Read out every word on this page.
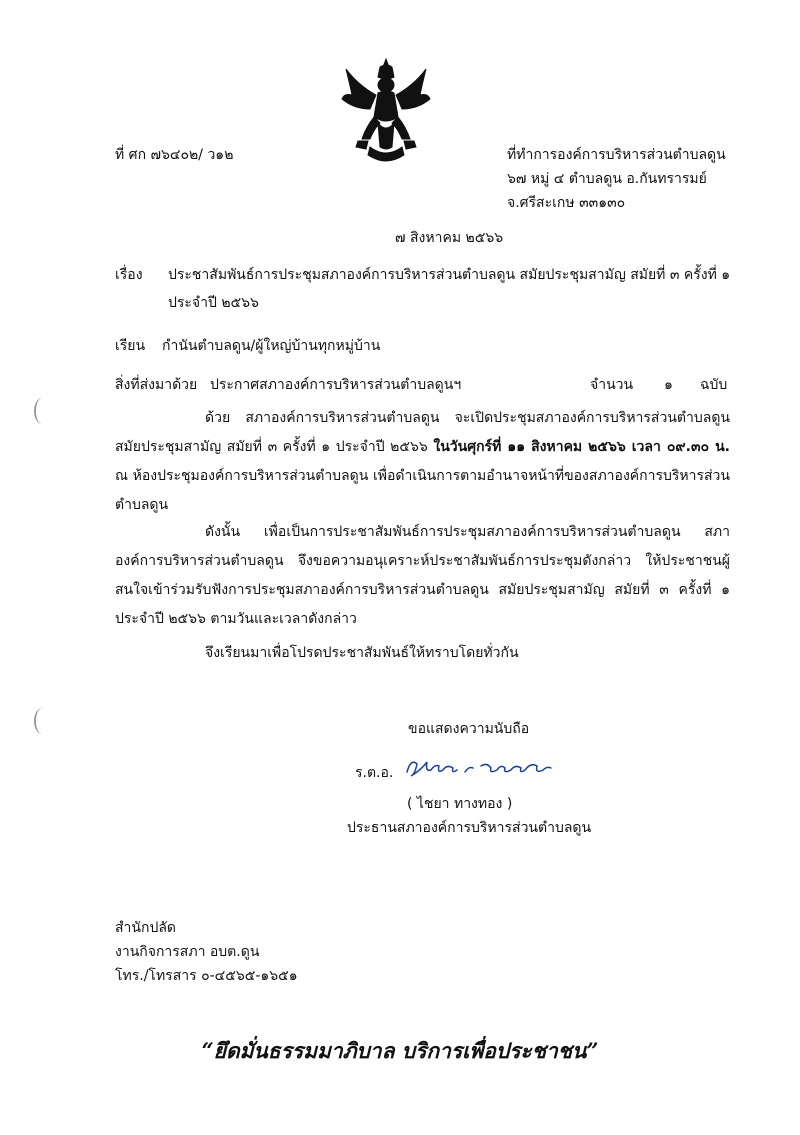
ที่ ศก ๗๖๔๐๒/ ว๑๒	ที่ทำการองค์การบริหารส่วนตำบลดูน
๖๗ หมู่ ๔ ตำบลดูน อ.กันทรารมย์
จ.ศรีสะเกษ ๓๓๑๓๐
๗ สิงหาคม ๒๕๖๖
เรื่อง ประชาสัมพันธ์การประชุมสภาองค์การบริหารส่วนตำบลดูน สมัยประชุมสามัญ สมัยที่ ๓ ครั้งที่ ๑
ประจำปี ๒๕๖๖
เรียน กำนันตำบลดูน/ผู้ใหญ่บ้านทุกหมู่บ้าน
สิ่งที่ส่งมาด้วย ประกาศสภาองค์การบริหารส่วนตำบลดูนฯ	จำนวน ๑ ฉบับ
ด้วย สภาองค์การบริหารส่วนตำบลดูน จะเปิดประชุมสภาองค์การบริหารส่วนตำบลดูนสมัยประชุมสามัญ สมัยที่ ๓ ครั้งที่ ๑ ประจำปี ๒๕๖๖ ในวันศุกร์ที่ ๑๑ สิงหาคม ๒๕๖๖ เวลา ๐๙.๓๐ น. ณ ห้องประชุมองค์การบริหารส่วนตำบลดูน เพื่อดำเนินการตามอำนาจหน้าที่ของสภาองค์การบริหารส่วนตำบลดูน
ดังนั้น เพื่อเป็นการประชาสัมพันธ์การประชุมสภาองค์การบริหารส่วนตำบลดูน สภาองค์การบริหารส่วนตำบลดูน จึงขอความอนุเคราะห์ประชาสัมพันธ์การประชุมดังกล่าว ให้ประชาชนผู้สนใจเข้าร่วมรับฟังการประชุมสภาองค์การบริหารส่วนตำบลดูน สมัยประชุมสามัญ สมัยที่ ๓ ครั้งที่ ๑ ประจำปี ๒๕๖๖ ตามวันและเวลาดังกล่าว
จึงเรียนมาเพื่อโปรดประชาสัมพันธ์ให้ทราบโดยทั่วกัน
ขอแสดงความนับถือ
ร.ต.อ.
( ไชยา ทางทอง )
ประธานสภาองค์การบริหารส่วนตำบลดูน
สำนักปลัด
งานกิจการสภา อบต.ดูน
โทร./โทรสาร ๐-๔๕๖๕-๑๖๕๑
“ยึดมั่นธรรมมาภิบาล บริการเพื่อประชาชน”
